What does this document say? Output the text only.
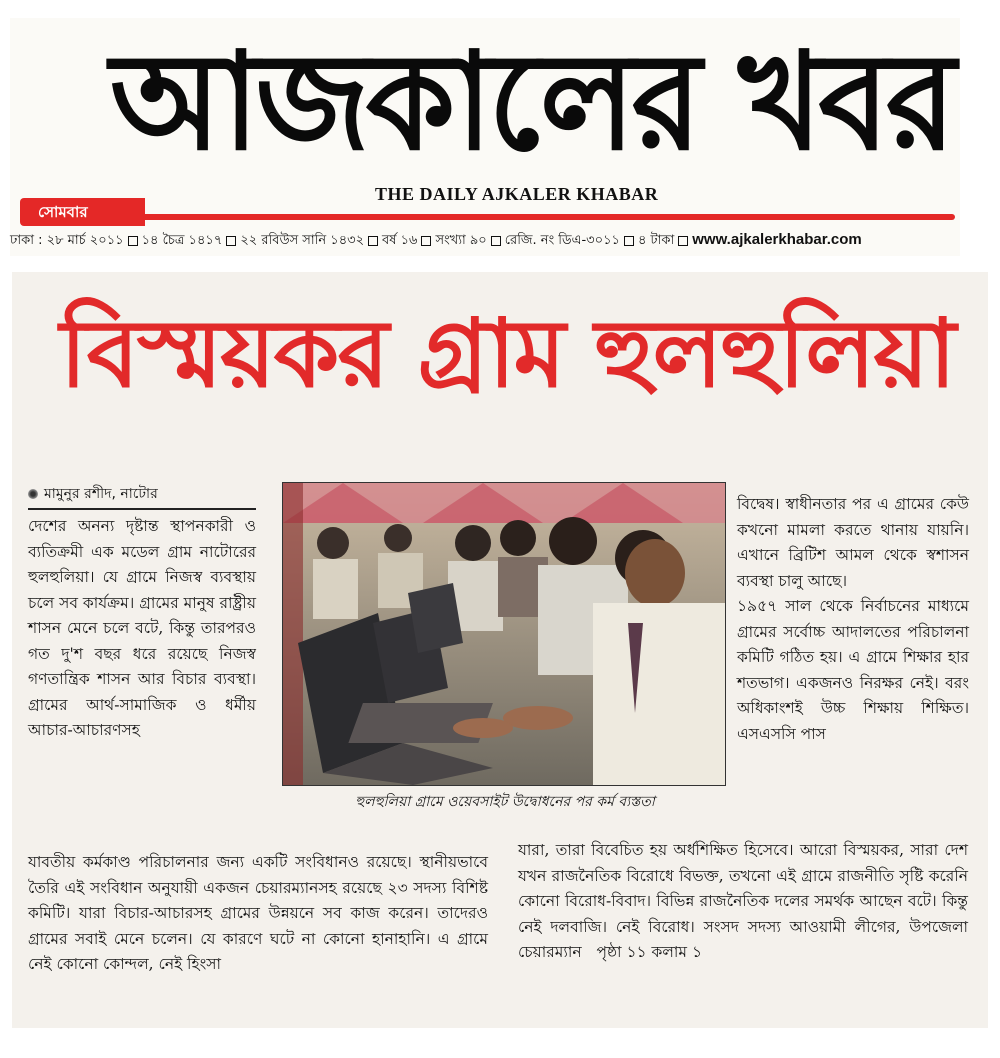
আজকালের খবর
THE DAILY AJKALER KHABAR
সোমবার
ঢাকা : ২৮ মার্চ ২০১১ ১৪ চৈত্র ১৪১৭ ২২ রবিউস সানি ১৪৩২ বর্ষ ১৬ সংখ্যা ৯০ রেজি. নং ডিএ-৩০১১ ৪ টাকা www.ajkalerkhabar.com
বিস্ময়কর গ্রাম হুলহুলিয়া
মামুনুর রশীদ, নাটোর

দেশের অনন্য দৃষ্টান্ত স্থাপনকারী ও ব্যতিক্রমী এক মডেল গ্রাম নাটোরের হুলহুলিয়া। যে গ্রামে নিজস্ব ব্যবস্থায় চলে সব কার্যক্রম। গ্রামের মানুষ রাষ্ট্রীয় শাসন মেনে চলে বটে, কিন্তু তারপরও গত দু'শ বছর ধরে রয়েছে নিজস্ব গণতান্ত্রিক শাসন আর বিচার ব্যবস্থা। গ্রামের আর্থ-সামাজিক ও ধর্মীয় আচার-আচারণসহ

হুলহুলিয়া গ্রামে ওয়েবসাইট উদ্বোধনের পর কর্ম ব্যস্ততা

বিদ্বেষ। স্বাধীনতার পর এ গ্রামের কেউ কখনো মামলা করতে থানায় যায়নি। এখানে ব্রিটিশ আমল থেকে স্বশাসন ব্যবস্থা চালু আছে।

১৯৫৭ সাল থেকে নির্বাচনের মাধ্যমে গ্রামের সর্বোচ্চ আদালতের পরিচালনা কমিটি গঠিত হয়। এ গ্রামে শিক্ষার হার শতভাগ। একজনও নিরক্ষর নেই। বরং অধিকাংশই উচ্চ শিক্ষায় শিক্ষিত। এসএসসি পাস

যাবতীয় কর্মকাণ্ড পরিচালনার জন্য একটি সংবিধানও রয়েছে। স্থানীয়ভাবে তৈরি এই সংবিধান অনুযায়ী একজন চেয়ারম্যানসহ রয়েছে ২৩ সদস্য বিশিষ্ট কমিটি। যারা বিচার-আচারসহ গ্রামের উন্নয়নে সব কাজ করেন। তাদেরও গ্রামের সবাই মেনে চলেন। যে কারণে ঘটে না কোনো হানাহানি। এ গ্রামে নেই কোনো কোন্দল, নেই হিংসা

যারা, তারা বিবেচিত হয় অর্ধশিক্ষিত হিসেবে। আরো বিস্ময়কর, সারা দেশ যখন রাজনৈতিক বিরোধে বিভক্ত, তখনো এই গ্রামে রাজনীতি সৃষ্টি করেনি কোনো বিরোধ-বিবাদ। বিভিন্ন রাজনৈতিক দলের সমর্থক আছেন বটে। কিন্তু নেই দলবাজি। নেই বিরোধ। সংসদ সদস্য আওয়ামী লীগের, উপজেলা চেয়ারম্যান পৃষ্ঠা ১১ কলাম ১
